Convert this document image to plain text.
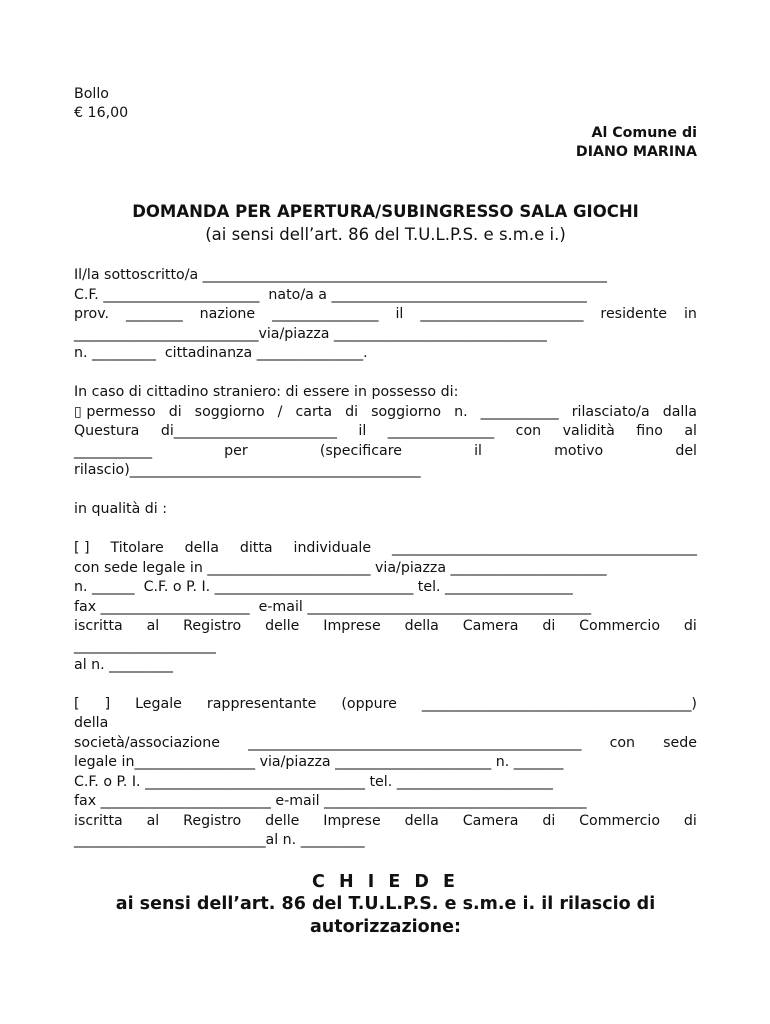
Bollo
€ 16,00
Al Comune di
DIANO MARINA
DOMANDA PER APERTURA/SUBINGRESSO SALA GIOCHI
(ai sensi dell’art. 86 del T.U.L.P.S. e s.m.e i.)
Il/la sottoscritto/a _________________________________________________________
C.F. ______________________  nato/a a ____________________________________
prov. ________ nazione _______________ il _______________________ residente in
__________________________via/piazza ______________________________
n. _________  cittadinanza _______________.
In caso di cittadino straniero: di essere in possesso di:
▯ permesso di soggiorno / carta di soggiorno n. ___________ rilasciato/a dalla
Questura di_______________________ il _______________ con validità fino al
___________	per	(specificare	il	motivo	del
rilascio)_________________________________________
in qualità di :
[ ] Titolare della ditta individuale ___________________________________________
con sede legale in _______________________ via/piazza ______________________
n. ______  C.F. o P. I. ____________________________ tel. __________________
fax _____________________  e-mail ________________________________________
iscritta al Registro delle Imprese della Camera di Commercio di
____________________
al n. _________
[ ] Legale rappresentante (oppure ______________________________________)
della
società/associazione _______________________________________________ con sede
legale in_________________ via/piazza ______________________ n. _______
C.F. o P. I. _______________________________ tel. ______________________
fax ________________________ e-mail _____________________________________
iscritta al Registro delle Imprese della Camera di Commercio di
___________________________al n. _________
C H I E D E
ai sensi dell’art. 86 del T.U.L.P.S. e s.m.e i. il rilascio di
autorizzazione:
